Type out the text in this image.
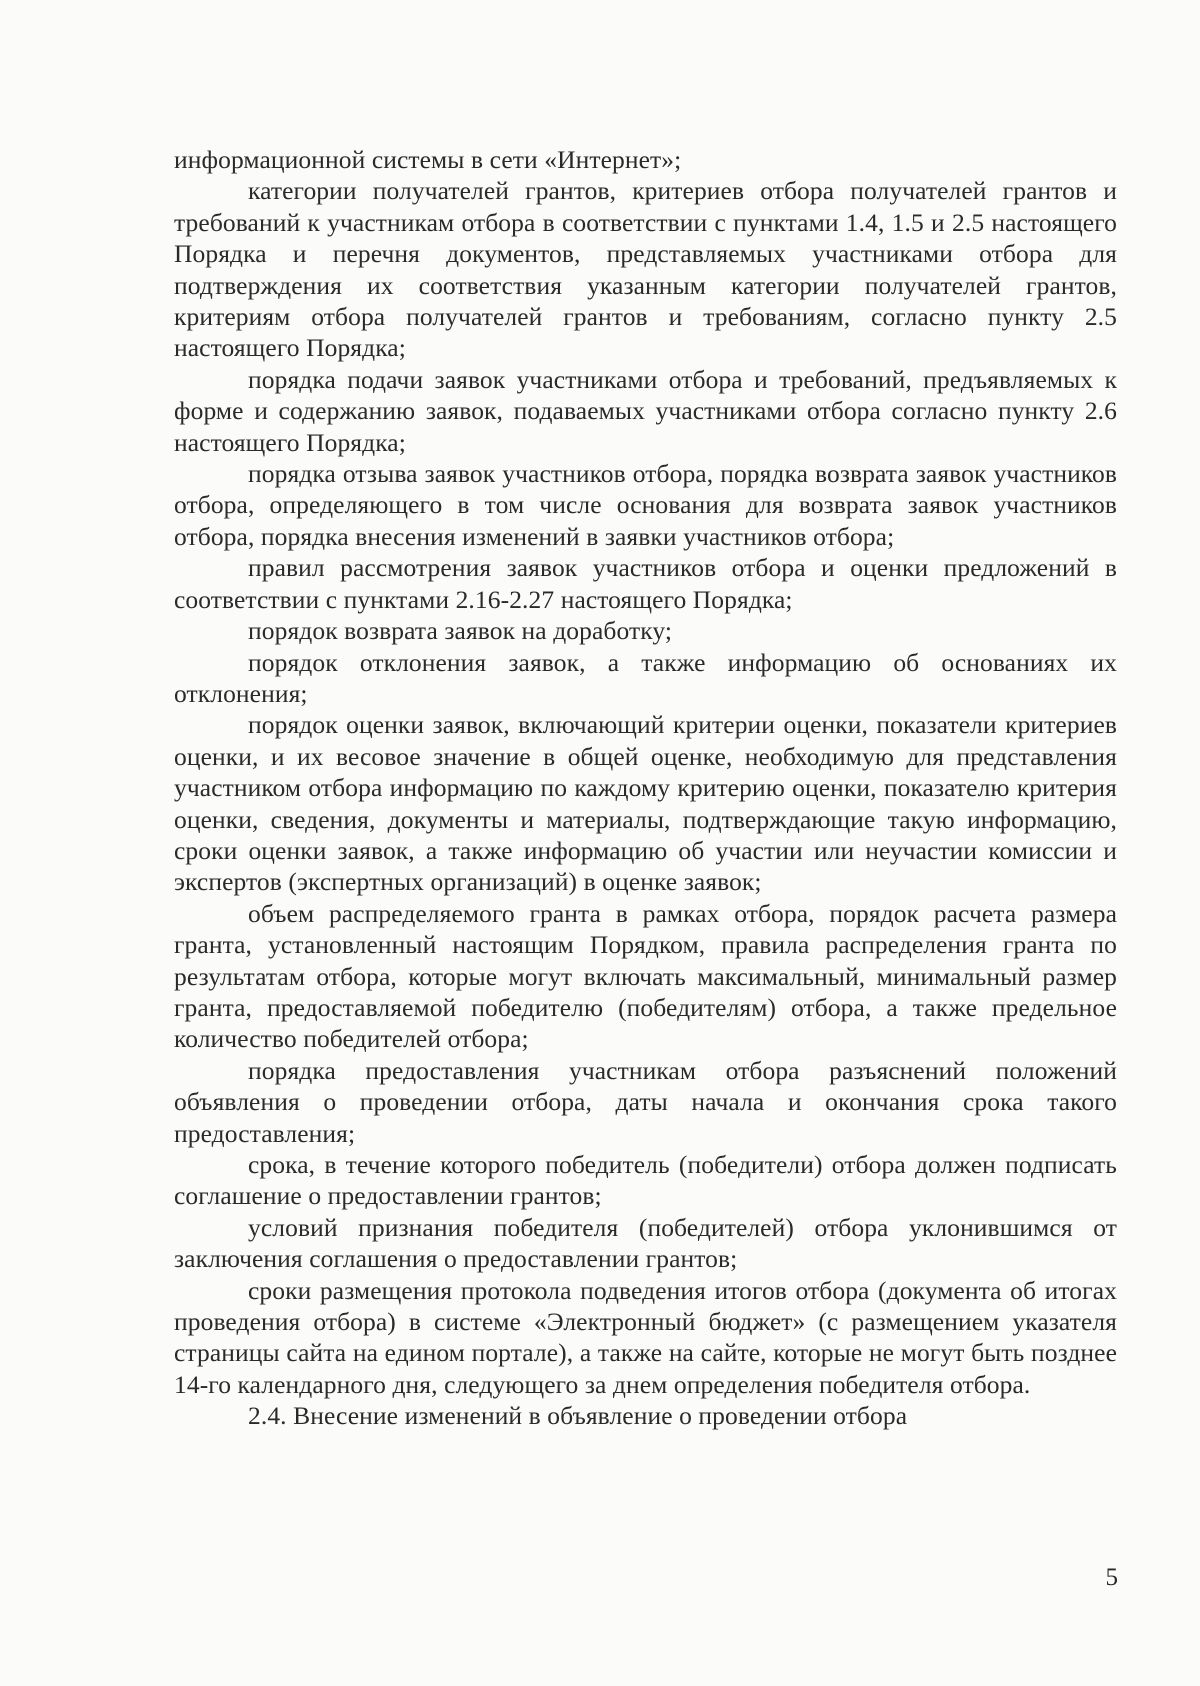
информационной системы в сети «Интернет»;

категории получателей грантов, критериев отбора получателей грантов и требований к участникам отбора в соответствии с пунктами 1.4, 1.5 и 2.5 настоящего Порядка и перечня документов, представляемых участниками отбора для подтверждения их соответствия указанным категории получателей грантов, критериям отбора получателей грантов и требованиям, согласно пункту 2.5 настоящего Порядка;

порядка подачи заявок участниками отбора и требований, предъявляемых к форме и содержанию заявок, подаваемых участниками отбора согласно пункту 2.6 настоящего Порядка;

порядка отзыва заявок участников отбора, порядка возврата заявок участников отбора, определяющего в том числе основания для возврата заявок участников отбора, порядка внесения изменений в заявки участников отбора;

правил рассмотрения заявок участников отбора и оценки предложений в соответствии с пунктами 2.16-2.27 настоящего Порядка;

порядок возврата заявок на доработку;

порядок отклонения заявок, а также информацию об основаниях их отклонения;

порядок оценки заявок, включающий критерии оценки, показатели критериев оценки, и их весовое значение в общей оценке, необходимую для представления участником отбора информацию по каждому критерию оценки, показателю критерия оценки, сведения, документы и материалы, подтверждающие такую информацию, сроки оценки заявок, а также информацию об участии или неучастии комиссии и экспертов (экспертных организаций) в оценке заявок;

объем распределяемого гранта в рамках отбора, порядок расчета размера гранта, установленный настоящим Порядком, правила распределения гранта по результатам отбора, которые могут включать максимальный, минимальный размер гранта, предоставляемой победителю (победителям) отбора, а также предельное количество победителей отбора;

порядка предоставления участникам отбора разъяснений положений объявления о проведении отбора, даты начала и окончания срока такого предоставления;

срока, в течение которого победитель (победители) отбора должен подписать соглашение о предоставлении грантов;

условий признания победителя (победителей) отбора уклонившимся от заключения соглашения о предоставлении грантов;

сроки размещения протокола подведения итогов отбора (документа об итогах проведения отбора) в системе «Электронный бюджет» (с размещением указателя страницы сайта на едином портале), а также на сайте, которые не могут быть позднее 14-го календарного дня, следующего за днем определения победителя отбора.

2.4. Внесение изменений в объявление о проведении отбора

5
